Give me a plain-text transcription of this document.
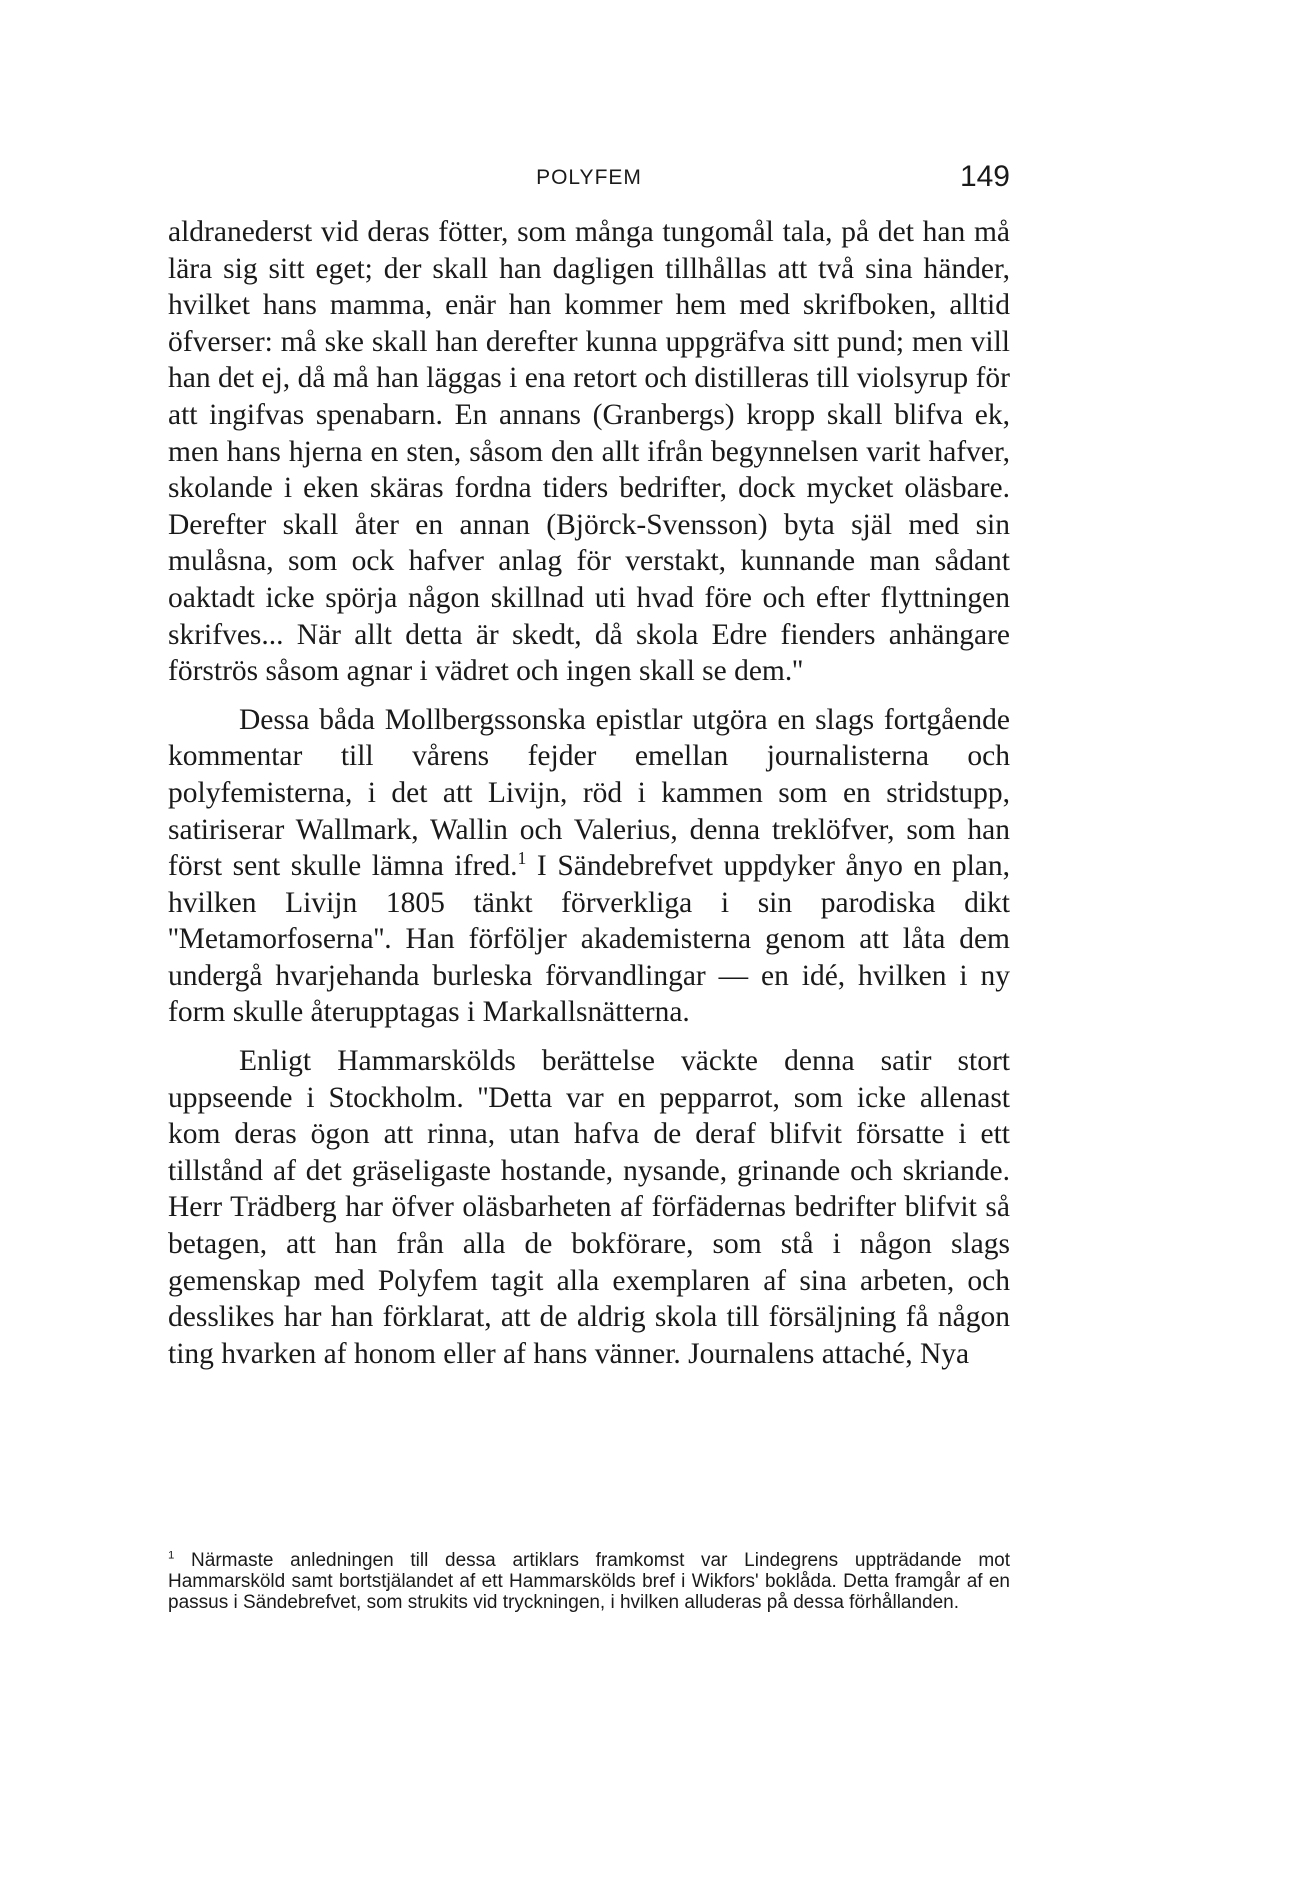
POLYFEM	149

aldranederst vid deras fötter, som många tungomål tala, på det han må lära sig sitt eget; der skall han dagligen tillhållas att två sina händer, hvilket hans mamma, enär han kommer hem med skrifboken, alltid öfverser: må ske skall han derefter kunna uppgräfva sitt pund; men vill han det ej, då må han läggas i ena retort och distilleras till violsyrup för att ingifvas spenabarn. En annans (Granbergs) kropp skall blifva ek, men hans hjerna en sten, såsom den allt ifrån begynnelsen varit hafver, skolande i eken skäras fordna tiders bedrifter, dock mycket oläsbare. Derefter skall åter en annan (Björck-Svensson) byta själ med sin mulåsna, som ock hafver anlag för verstakt, kunnande man sådant oaktadt icke spörja någon skillnad uti hvad före och efter flyttningen skrifves... När allt detta är skedt, då skola Edre fienders anhängare förströs såsom agnar i vädret och ingen skall se dem.''

Dessa båda Mollbergssonska epistlar utgöra en slags fortgående kommentar till vårens fejder emellan journalisterna och polyfemisterna, i det att Livijn, röd i kammen som en stridstupp, satiriserar Wallmark, Wallin och Valerius, denna treklöfver, som han först sent skulle lämna ifred.$^1$ I Sändebrefvet uppdyker ånyo en plan, hvilken Livijn 1805 tänkt förverkliga i sin parodiska dikt ''Metamorfoserna''. Han förföljer akademisterna genom att låta dem undergå hvarjehanda burleska förvandlingar — en idé, hvilken i ny form skulle återupptagas i Markallsnätterna.

Enligt Hammarskölds berättelse väckte denna satir stort uppseende i Stockholm. ''Detta var en pepparrot, som icke allenast kom deras ögon att rinna, utan hafva de deraf blifvit försatte i ett tillstånd af det gräseligaste hostande, nysande, grinande och skriande. Herr Trädberg har öfver oläsbarheten af förfädernas bedrifter blifvit så betagen, att han från alla de bokförare, som stå i någon slags gemenskap med Polyfem tagit alla exemplaren af sina arbeten, och desslikes har han förklarat, att de aldrig skola till försäljning få någon ting hvarken af honom eller af hans vänner. Journalens attaché, Nya

$^1$ Närmaste anledningen till dessa artiklars framkomst var Lindegrens uppträdande mot Hammarsköld samt bortstjälandet af ett Hammarskölds bref i Wikfors' boklåda. Detta framgår af en passus i Sändebrefvet, som strukits vid tryckningen, i hvilken alluderas på dessa förhållanden.
